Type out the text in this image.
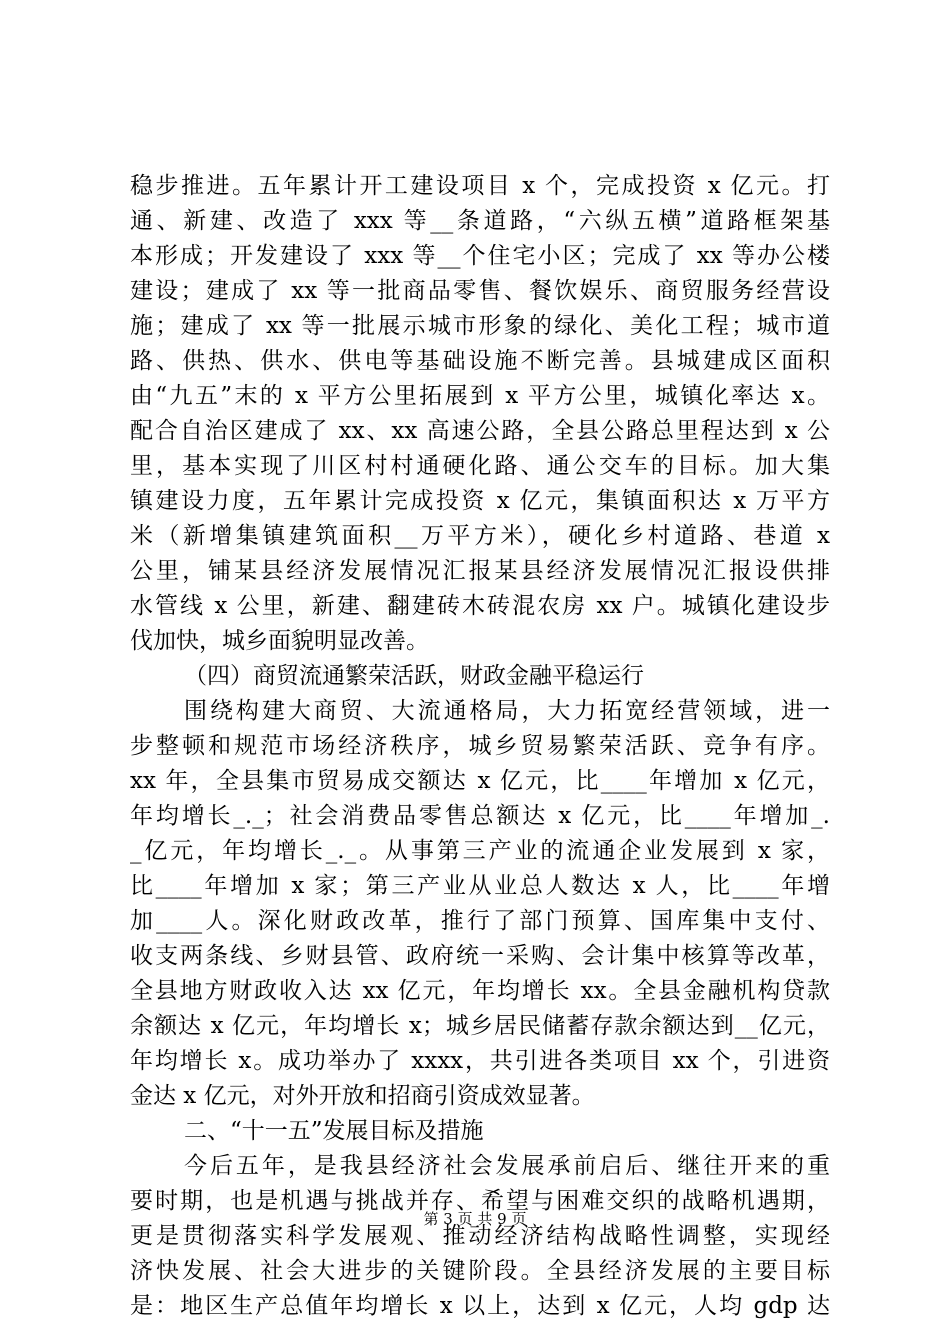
稳步推进。五年累计开工建设项目 x 个，完成投资 x 亿元。打
通、新建、改造了 xxx 等__条道路，“六纵五横”道路框架基
本形成；开发建设了 xxx 等__个住宅小区；完成了 xx 等办公楼
建设；建成了 xx 等一批商品零售、餐饮娱乐、商贸服务经营设
施；建成了 xx 等一批展示城市形象的绿化、美化工程；城市道
路、供热、供水、供电等基础设施不断完善。县城建成区面积
由“九五”末的 x 平方公里拓展到 x 平方公里，城镇化率达 x。
配合自治区建成了 xx、xx 高速公路，全县公路总里程达到 x 公
里，基本实现了川区村村通硬化路、通公交车的目标。加大集
镇建设力度，五年累计完成投资 x 亿元，集镇面积达 x 万平方
米（新增集镇建筑面积__万平方米），硬化乡村道路、巷道 x
公里，铺某县经济发展情况汇报某县经济发展情况汇报设供排
水管线 x 公里，新建、翻建砖木砖混农房 xx 户。城镇化建设步
伐加快，城乡面貌明显改善。
（四）商贸流通繁荣活跃，财政金融平稳运行
围绕构建大商贸、大流通格局，大力拓宽经营领域，进一
步整顿和规范市场经济秩序，城乡贸易繁荣活跃、竞争有序。
xx 年，全县集市贸易成交额达 x 亿元，比____年增加 x 亿元，
年均增长_._；社会消费品零售总额达 x 亿元，比____年增加_.
_亿元，年均增长_._。从事第三产业的流通企业发展到 x 家，
比____年增加 x 家；第三产业从业总人数达 x 人，比____年增
加____人。深化财政改革，推行了部门预算、国库集中支付、
收支两条线、乡财县管、政府统一采购、会计集中核算等改革，
全县地方财政收入达 xx 亿元，年均增长 xx。全县金融机构贷款
余额达 x 亿元，年均增长 x；城乡居民储蓄存款余额达到__亿元，
年均增长 x。成功举办了 xxxx，共引进各类项目 xx 个，引进资
金达 x 亿元，对外开放和招商引资成效显著。
二、“十一五”发展目标及措施
今后五年，是我县经济社会发展承前启后、继往开来的重
要时期，也是机遇与挑战并存、希望与困难交织的战略机遇期，
更是贯彻落实科学发展观、推动经济结构战略性调整，实现经
济快发展、社会大进步的关键阶段。全县经济发展的主要目标
是：地区生产总值年均增长 x 以上，达到 x 亿元，人均 gdp 达
第 3 页 共 9 页
